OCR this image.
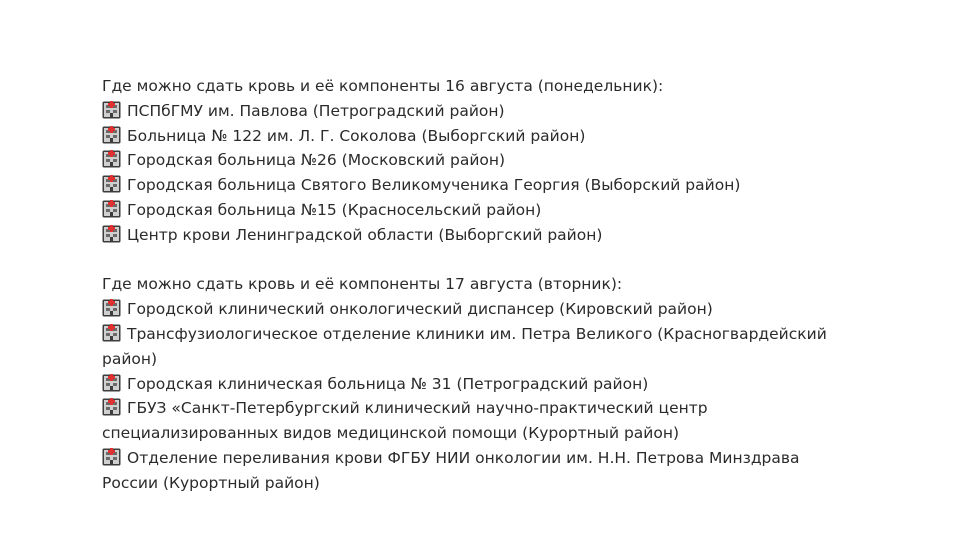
Где можно сдать кровь и её компоненты 16 августа (понедельник):
ПСПбГМУ им. Павлова (Петроградский район)
Больница № 122 им. Л. Г. Соколова (Выборгский район)
Городская больница №26 (Московский район)
Городская больница Святого Великомученика Георгия (Выборский район)
Городская больница №15 (Красносельский район)
Центр крови Ленинградской области (Выборгский район)
Где можно сдать кровь и её компоненты 17 августа (вторник):
Городской клинический онкологический диспансер (Кировский район)
Трансфузиологическое отделение клиники им. Петра Великого (Красногвардейский район)
Городская клиническая больница № 31 (Петроградский район)
ГБУЗ «Санкт-Петербургский клинический научно-практический центр специализированных видов медицинской помощи (Курортный район)
Отделение переливания крови ФГБУ НИИ онкологии им. Н.Н. Петрова Минздрава России (Курортный район)
